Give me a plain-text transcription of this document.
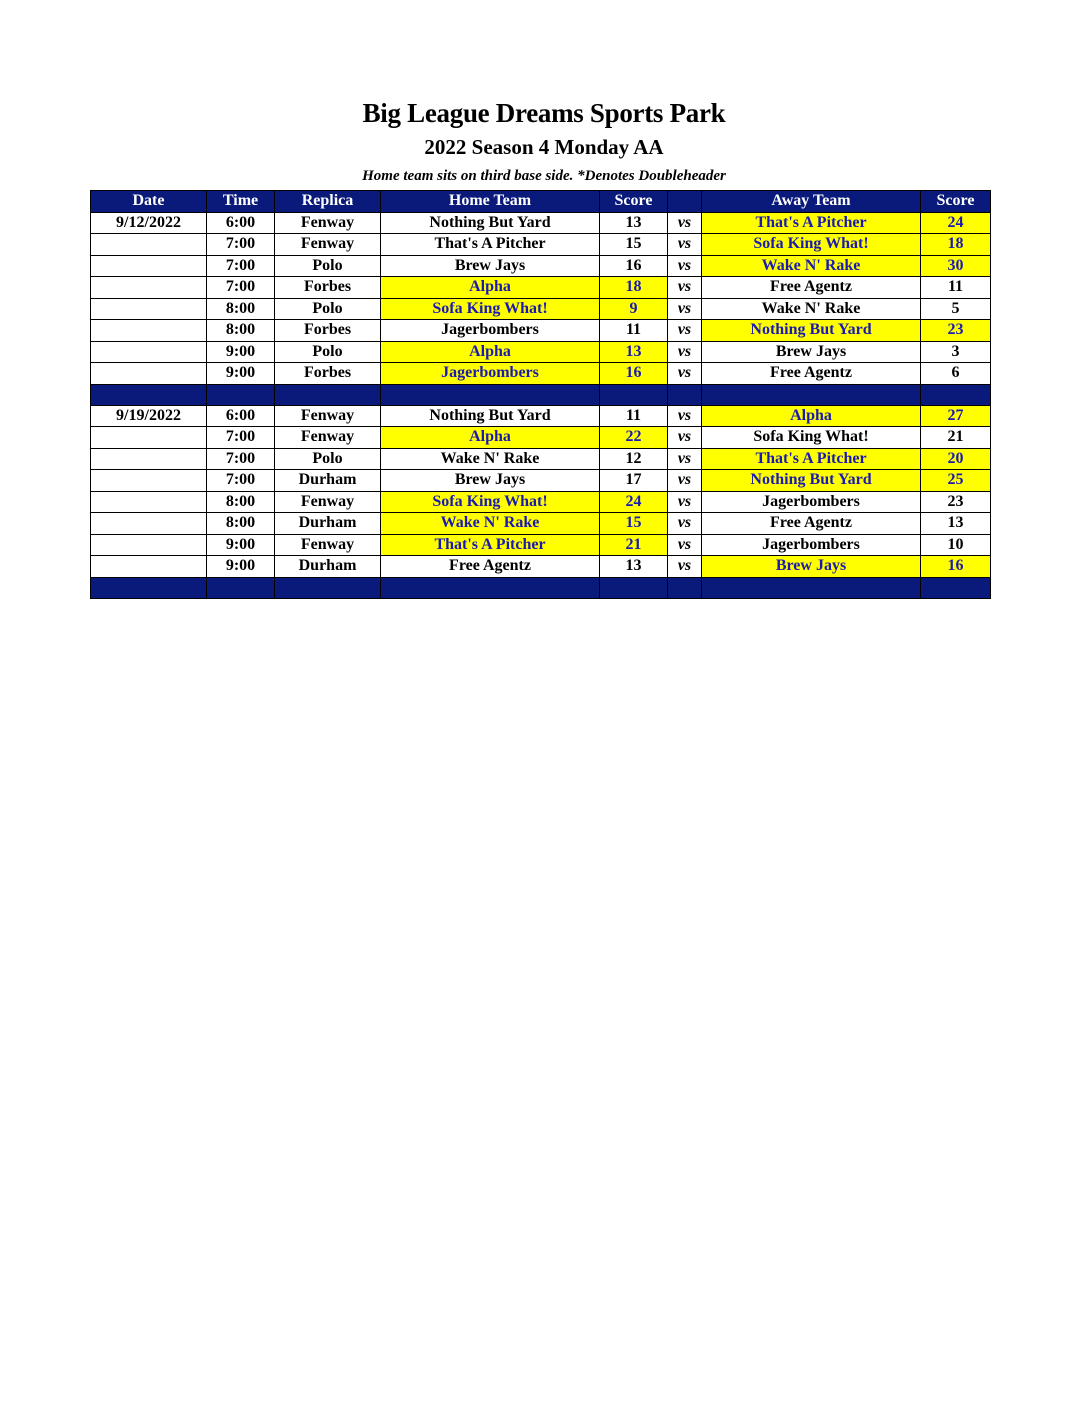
Big League Dreams Sports Park
2022 Season 4 Monday AA
Home team sits on third base side. *Denotes Doubleheader
Date	Time	Replica	Home Team	Score		Away Team	Score
9/12/2022	6:00	Fenway	Nothing But Yard	13	vs	That's A Pitcher	24
	7:00	Fenway	That's A Pitcher	15	vs	Sofa King What!	18
	7:00	Polo	Brew Jays	16	vs	Wake N' Rake	30
	7:00	Forbes	Alpha	18	vs	Free Agentz	11
	8:00	Polo	Sofa King What!	9	vs	Wake N' Rake	5
	8:00	Forbes	Jagerbombers	11	vs	Nothing But Yard	23
	9:00	Polo	Alpha	13	vs	Brew Jays	3
	9:00	Forbes	Jagerbombers	16	vs	Free Agentz	6

9/19/2022	6:00	Fenway	Nothing But Yard	11	vs	Alpha	27
	7:00	Fenway	Alpha	22	vs	Sofa King What!	21
	7:00	Polo	Wake N' Rake	12	vs	That's A Pitcher	20
	7:00	Durham	Brew Jays	17	vs	Nothing But Yard	25
	8:00	Fenway	Sofa King What!	24	vs	Jagerbombers	23
	8:00	Durham	Wake N' Rake	15	vs	Free Agentz	13
	9:00	Fenway	That's A Pitcher	21	vs	Jagerbombers	10
	9:00	Durham	Free Agentz	13	vs	Brew Jays	16
